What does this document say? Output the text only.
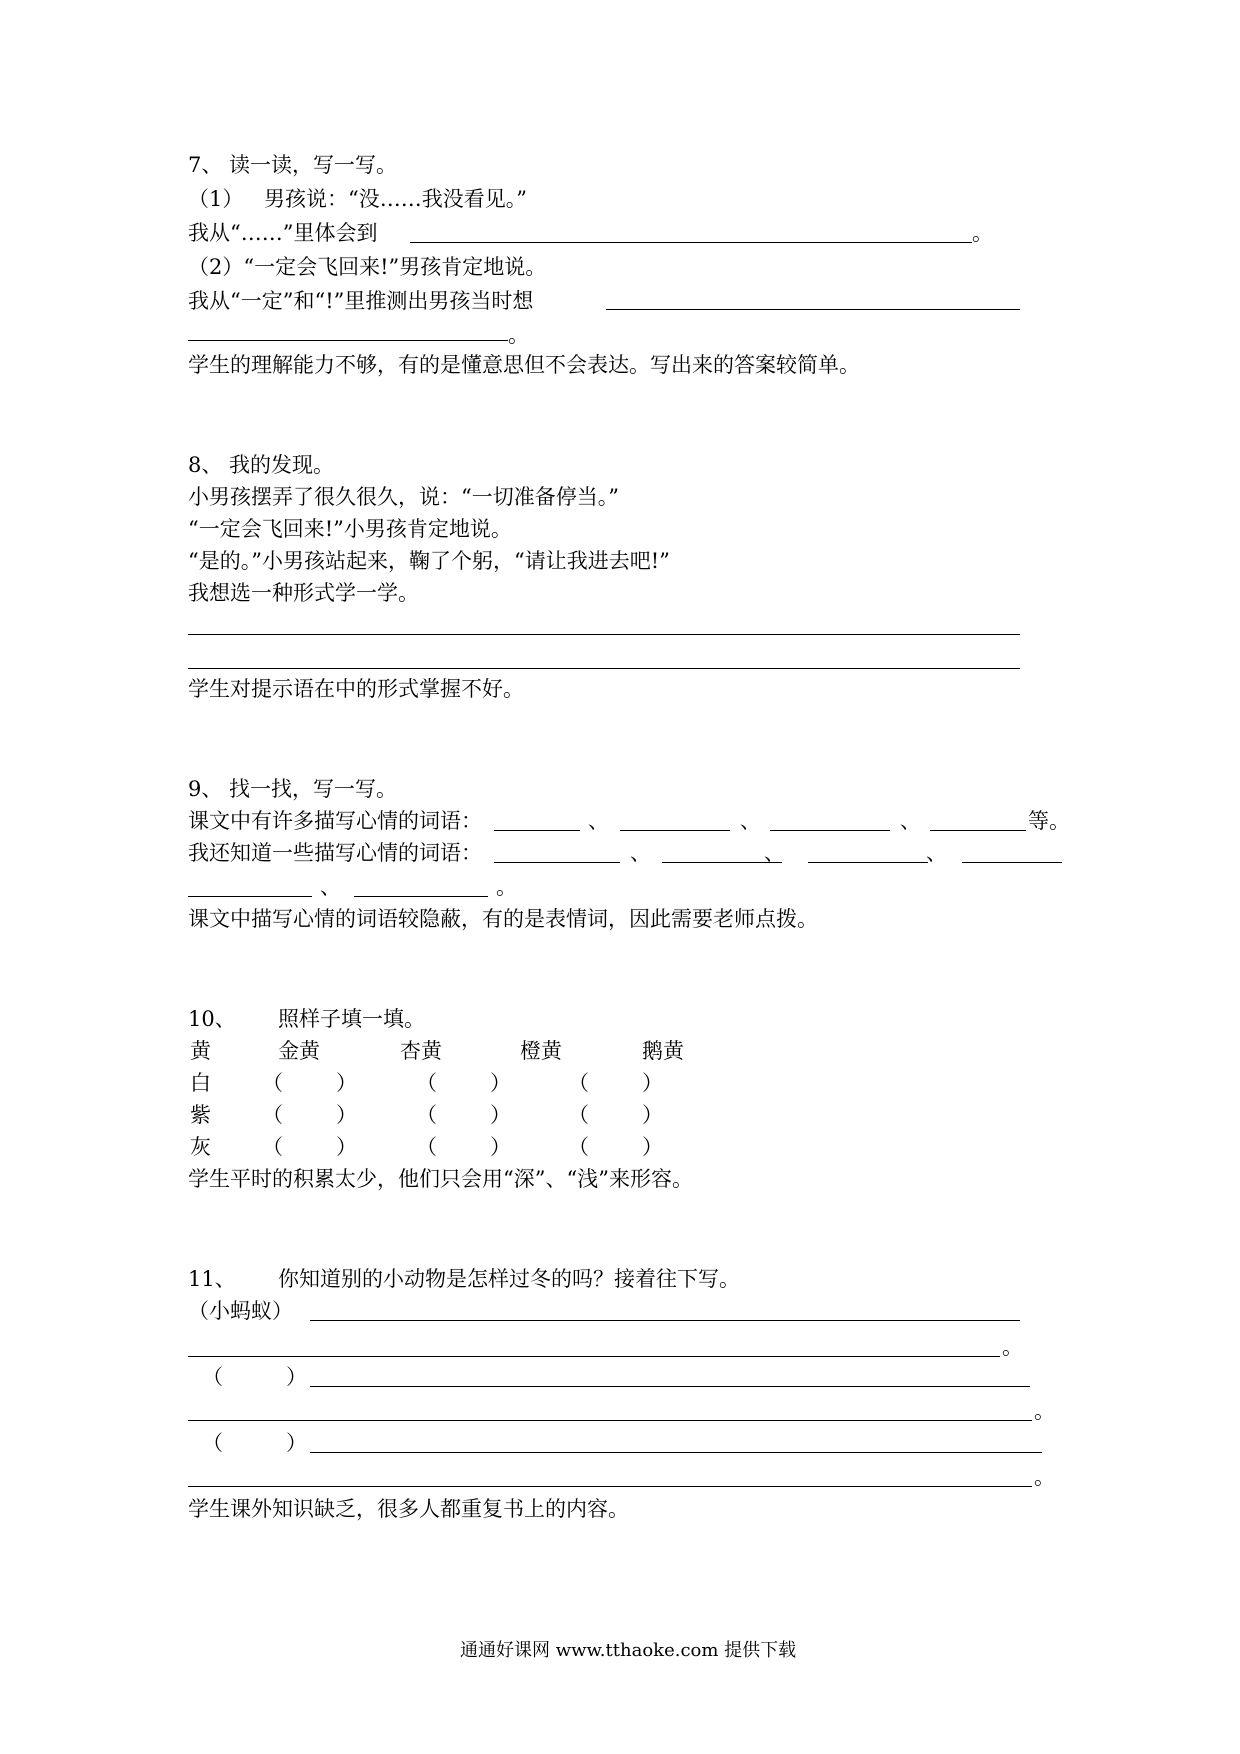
7、 读一读，写一写。
（1） 男孩说：“没……我没看见。”
我从“……”里体会到	。
（2）“一定会飞回来!”男孩肯定地说。
我从“一定”和“!”里推测出男孩当时想
。
学生的理解能力不够，有的是懂意思但不会表达。写出来的答案较简单。
8、 我的发现。
小男孩摆弄了很久很久，说：“一切准备停当。”
“一定会飞回来!”小男孩肯定地说。
“是的。”小男孩站起来，鞠了个躬，“请让我进去吧!”
我想选一种形式学一学。
学生对提示语在中的形式掌握不好。
9、 找一找，写一写。
课文中有许多描写心情的词语：	、	、	、	等。
我还知道一些描写心情的词语：	、	、	、
、	。
课文中描写心情的词语较隐蔽，有的是表情词，因此需要老师点拨。
10、 照样子填一填。
黄	金黄	杏黄	橙黄	鹅黄
白 （	）	（	）	（	）
紫 （	）	（	）	（	）
灰 （	）	（	）	（	）
学生平时的积累太少，他们只会用“深”、“浅”来形容。
11、 你知道别的小动物是怎样过冬的吗？接着往下写。
（小蚂蚁）
。
（	）
。
（	）
。
学生课外知识缺乏，很多人都重复书上的内容。
通通好课网 www.tthaoke.com 提供下载
